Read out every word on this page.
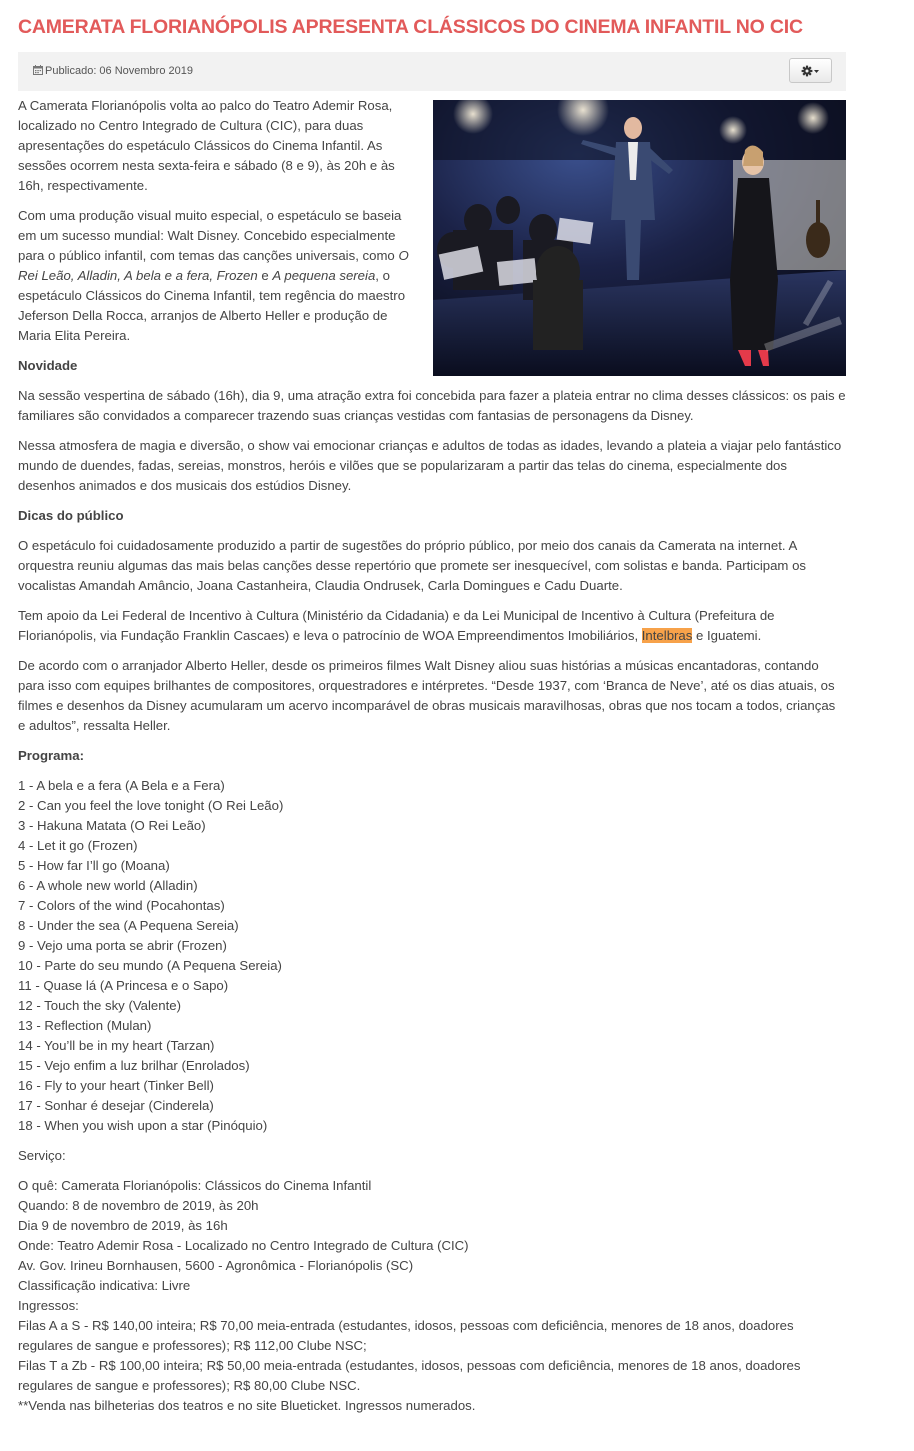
CAMERATA FLORIANÓPOLIS APRESENTA CLÁSSICOS DO CINEMA INFANTIL NO CIC
Publicado: 06 Novembro 2019

A Camerata Florianópolis volta ao palco do Teatro Ademir Rosa, localizado no Centro Integrado de Cultura (CIC), para duas apresentações do espetáculo Clássicos do Cinema Infantil. As sessões ocorrem nesta sexta-feira e sábado (8 e 9), às 20h e às 16h, respectivamente.

Com uma produção visual muito especial, o espetáculo se baseia em um sucesso mundial: Walt Disney. Concebido especialmente para o público infantil, com temas das canções universais, como O Rei Leão, Alladin, A bela e a fera, Frozen e A pequena sereia, o espetáculo Clássicos do Cinema Infantil, tem regência do maestro Jeferson Della Rocca, arranjos de Alberto Heller e produção de Maria Elita Pereira.

Novidade

Na sessão vespertina de sábado (16h), dia 9, uma atração extra foi concebida para fazer a plateia entrar no clima desses clássicos: os pais e familiares são convidados a comparecer trazendo suas crianças vestidas com fantasias de personagens da Disney.

Nessa atmosfera de magia e diversão, o show vai emocionar crianças e adultos de todas as idades, levando a plateia a viajar pelo fantástico mundo de duendes, fadas, sereias, monstros, heróis e vilões que se popularizaram a partir das telas do cinema, especialmente dos desenhos animados e dos musicais dos estúdios Disney.

Dicas do público

O espetáculo foi cuidadosamente produzido a partir de sugestões do próprio público, por meio dos canais da Camerata na internet. A orquestra reuniu algumas das mais belas canções desse repertório que promete ser inesquecível, com solistas e banda. Participam os vocalistas Amandah Amâncio, Joana Castanheira, Claudia Ondrusek, Carla Domingues e Cadu Duarte.

Tem apoio da Lei Federal de Incentivo à Cultura (Ministério da Cidadania) e da Lei Municipal de Incentivo à Cultura (Prefeitura de Florianópolis, via Fundação Franklin Cascaes) e leva o patrocínio de WOA Empreendimentos Imobiliários, Intelbras e Iguatemi.

De acordo com o arranjador Alberto Heller, desde os primeiros filmes Walt Disney aliou suas histórias a músicas encantadoras, contando para isso com equipes brilhantes de compositores, orquestradores e intérpretes. “Desde 1937, com ‘Branca de Neve’, até os dias atuais, os filmes e desenhos da Disney acumularam um acervo incomparável de obras musicais maravilhosas, obras que nos tocam a todos, crianças e adultos”, ressalta Heller.

Programa:

1 - A bela e a fera (A Bela e a Fera)
2 - Can you feel the love tonight (O Rei Leão)
3 - Hakuna Matata (O Rei Leão)
4 - Let it go (Frozen)
5 - How far I’ll go (Moana)
6 - A whole new world (Alladin)
7 - Colors of the wind (Pocahontas)
8 - Under the sea (A Pequena Sereia)
9 - Vejo uma porta se abrir (Frozen)
10 - Parte do seu mundo (A Pequena Sereia)
11 - Quase lá (A Princesa e o Sapo)
12 - Touch the sky (Valente)
13 - Reflection (Mulan)
14 - You’ll be in my heart (Tarzan)
15 - Vejo enfim a luz brilhar (Enrolados)
16 - Fly to your heart (Tinker Bell)
17 - Sonhar é desejar (Cinderela)
18 - When you wish upon a star (Pinóquio)

Serviço:

O quê: Camerata Florianópolis: Clássicos do Cinema Infantil
Quando: 8 de novembro de 2019, às 20h
Dia 9 de novembro de 2019, às 16h
Onde: Teatro Ademir Rosa - Localizado no Centro Integrado de Cultura (CIC)
Av. Gov. Irineu Bornhausen, 5600 - Agronômica - Florianópolis (SC)
Classificação indicativa: Livre
Ingressos:
Filas A a S - R$ 140,00 inteira; R$ 70,00 meia-entrada (estudantes, idosos, pessoas com deficiência, menores de 18 anos, doadores regulares de sangue e professores); R$ 112,00 Clube NSC;
Filas T a Zb - R$ 100,00 inteira; R$ 50,00 meia-entrada (estudantes, idosos, pessoas com deficiência, menores de 18 anos, doadores regulares de sangue e professores); R$ 80,00 Clube NSC.
**Venda nas bilheterias dos teatros e no site Blueticket. Ingressos numerados.
